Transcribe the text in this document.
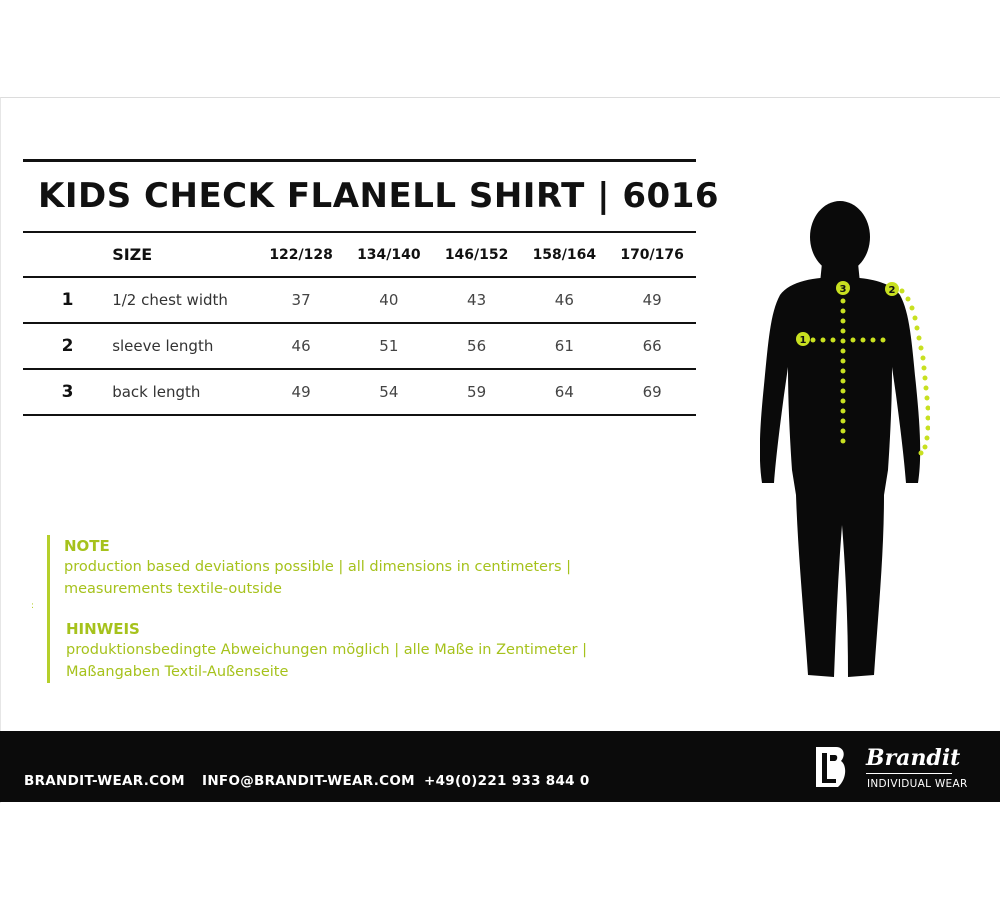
KIDS CHECK FLANELL SHIRT | 6016
	SIZE	122/128	134/140	146/152	158/164	170/176
1	1/2 chest width	37	40	43	46	49
2	sleeve length	46	51	56	61	66
3	back length	49	54	59	64	69
:
NOTE
production based deviations possible | all dimensions in centimeters |
measurements textile-outside
HINWEIS
produktionsbedingte Abweichungen möglich | alle Maße in Zentimeter |
Maßangaben Textil-Außenseite
1
2
3
BRANDIT-WEAR.COM INFO@BRANDIT-WEAR.COM +49(0)221 933 844 0
Brandit
INDIVIDUAL WEAR
